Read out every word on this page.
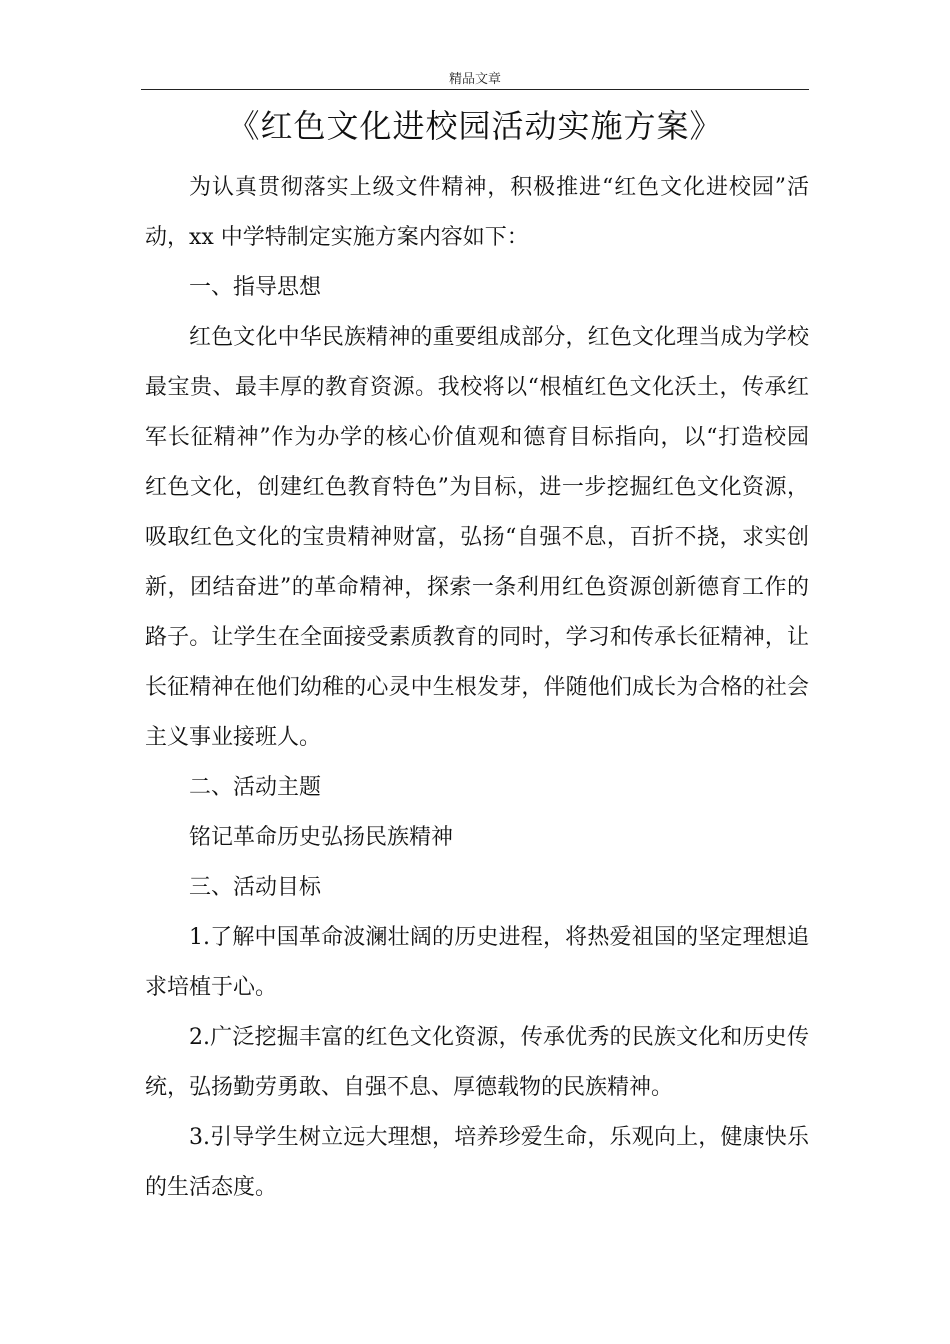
精品文章
《红色文化进校园活动实施方案》
为认真贯彻落实上级文件精神，积极推进“红色文化进校园”活
动，xx 中学特制定实施方案内容如下：
一、指导思想
红色文化中华民族精神的重要组成部分，红色文化理当成为学校
最宝贵、最丰厚的教育资源。我校将以“根植红色文化沃土，传承红
军长征精神”作为办学的核心价值观和德育目标指向，以“打造校园
红色文化，创建红色教育特色”为目标，进一步挖掘红色文化资源，
吸取红色文化的宝贵精神财富，弘扬“自强不息，百折不挠，求实创
新，团结奋进”的革命精神，探索一条利用红色资源创新德育工作的
路子。让学生在全面接受素质教育的同时，学习和传承长征精神，让
长征精神在他们幼稚的心灵中生根发芽，伴随他们成长为合格的社会
主义事业接班人。
二、活动主题
铭记革命历史弘扬民族精神
三、活动目标
1.了解中国革命波澜壮阔的历史进程，将热爱祖国的坚定理想追
求培植于心。
2.广泛挖掘丰富的红色文化资源，传承优秀的民族文化和历史传
统，弘扬勤劳勇敢、自强不息、厚德载物的民族精神。
3.引导学生树立远大理想，培养珍爱生命，乐观向上，健康快乐
的生活态度。
